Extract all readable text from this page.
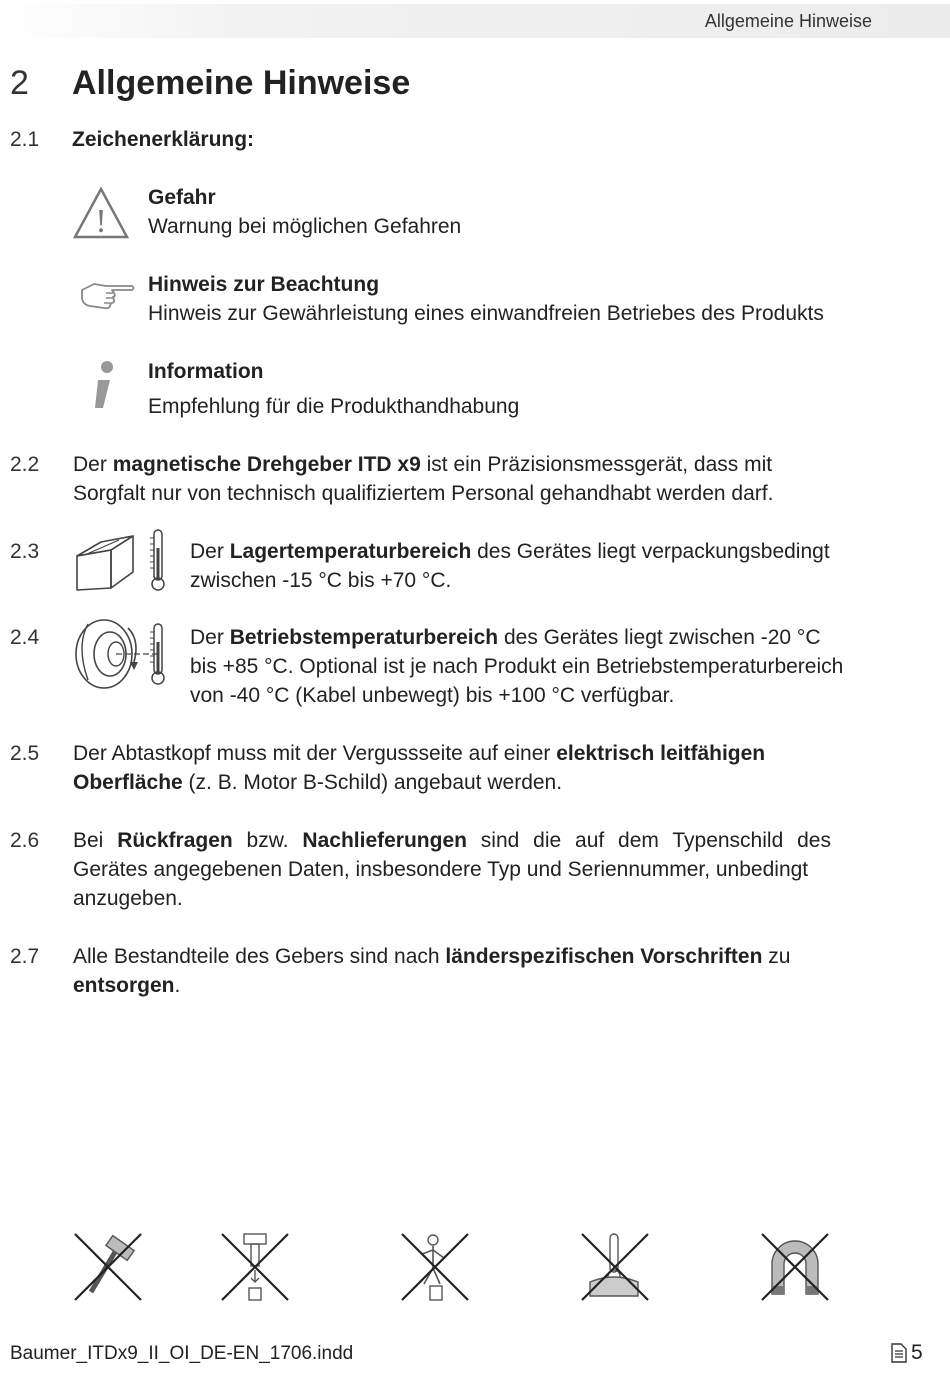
Allgemeine Hinweise
2 Allgemeine Hinweise
2.1 Zeichenerklärung:
!
Gefahr
Warnung bei möglichen Gefahren
Hinweis zur Beachtung
Hinweis zur Gewährleistung eines einwandfreien Betriebes des Produkts
Information
Empfehlung für die Produkthandhabung
2.2 Der magnetische Drehgeber ITD x9 ist ein Präzisionsmessgerät, dass mit
Sorgfalt nur von technisch qualifiziertem Personal gehandhabt werden darf.
2.3	Der Lagertemperaturbereich des Gerätes liegt verpackungsbedingt
zwischen -15 °C bis +70 °C.
2.4	Der Betriebstemperaturbereich des Gerätes liegt zwischen -20 °C
bis +85 °C. Optional ist je nach Produkt ein Betriebstemperaturbereich
von -40 °C (Kabel unbewegt) bis +100 °C verfügbar.
2.5 Der Abtastkopf muss mit der Vergussseite auf einer elektrisch leitfähigen
Oberfläche (z. B. Motor B-Schild) angebaut werden.
2.6 Bei Rückfragen bzw. Nachlieferungen sind die auf dem Typenschild des
Gerätes angegebenen Daten, insbesondere Typ und Seriennummer, unbedingt
anzugeben.
2.7 Alle Bestandteile des Gebers sind nach länderspezifischen Vorschriften zu
entsorgen.
Baumer_ITDx9_II_OI_DE-EN_1706.indd	5
